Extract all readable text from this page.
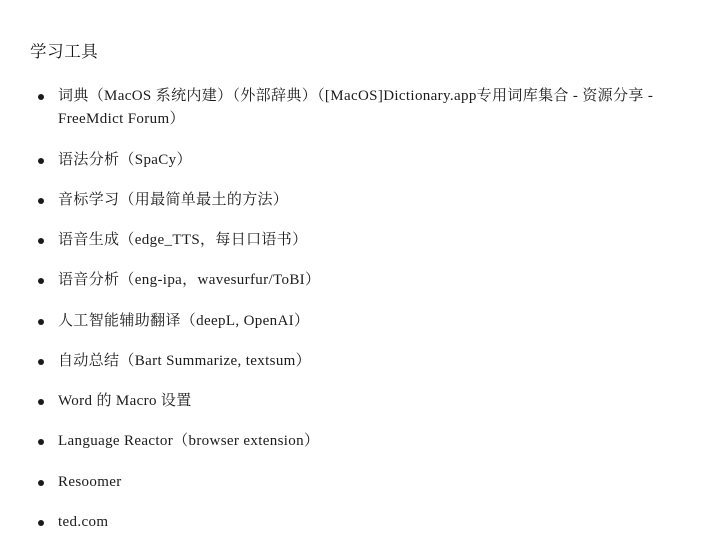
学习工具
词典（MacOS 系统内建）（外部辞典）（[MacOS]Dictionary.app专用词库集合 - 资源分享 - FreeMdict Forum）
语法分析（SpaCy）
音标学习（用最简单最土的方法）
语音生成（edge_TTS，每日口语书）
语音分析（eng-ipa，wavesurfur/ToBI）
人工智能辅助翻译（deepL, OpenAI）
自动总结（Bart Summarize, textsum）
Word 的 Macro 设置
Language Reactor（browser extension）
Resoomer
ted.com
